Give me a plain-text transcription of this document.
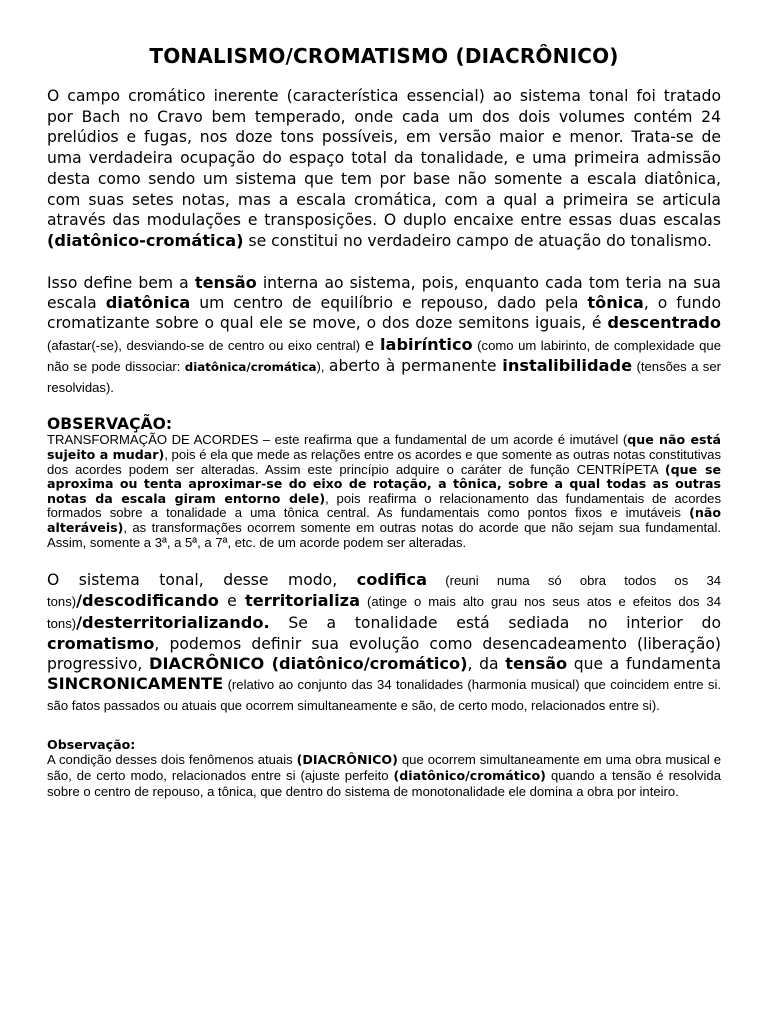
TONALISMO/CROMATISMO (DIACRÔNICO)

O campo cromático inerente (característica essencial) ao sistema tonal foi tratado por Bach no Cravo bem temperado, onde cada um dos dois volumes contém 24 prelúdios e fugas, nos doze tons possíveis, em versão maior e menor. Trata-se de uma verdadeira ocupação do espaço total da tonalidade, e uma primeira admissão desta como sendo um sistema que tem por base não somente a escala diatônica, com suas setes notas, mas a escala cromática, com a qual a primeira se articula através das modulações e transposições. O duplo encaixe entre essas duas escalas (diatônico-cromática) se constitui no verdadeiro campo de atuação do tonalismo.

Isso define bem a tensão interna ao sistema, pois, enquanto cada tom teria na sua escala diatônica um centro de equilíbrio e repouso, dado pela tônica, o fundo cromatizante sobre o qual ele se move, o dos doze semitons iguais, é descentrado (afastar(-se), desviando-se de centro ou eixo central) e labiríntico (como um labirinto, de complexidade que não se pode dissociar: diatônica/cromática), aberto à permanente instalibilidade (tensões a ser resolvidas).

OBSERVAÇÃO:

TRANSFORMAÇÃO DE ACORDES – este reafirma que a fundamental de um acorde é imutável (que não está sujeito a mudar), pois é ela que mede as relações entre os acordes e que somente as outras notas constitutivas dos acordes podem ser alteradas. Assim este princípio adquire o caráter de função CENTRÍPETA (que se aproxima ou tenta aproximar-se do eixo de rotação, a tônica, sobre a qual todas as outras notas da escala giram entorno dele), pois reafirma o relacionamento das fundamentais de acordes formados sobre a tonalidade a uma tônica central. As fundamentais como pontos fixos e imutáveis (não alteráveis), as transformações ocorrem somente em outras notas do acorde que não sejam sua fundamental. Assim, somente a 3ª, a 5ª, a 7ª, etc. de um acorde podem ser alteradas.

O sistema tonal, desse modo, codifica (reuni numa só obra todos os 34 tons)/descodificando e territorializa (atinge o mais alto grau nos seus atos e efeitos dos 34 tons)/desterritorializando. Se a tonalidade está sediada no interior do cromatismo, podemos definir sua evolução como desencadeamento (liberação) progressivo, DIACRÔNICO (diatônico/cromático), da tensão que a fundamenta SINCRONICAMENTE (relativo ao conjunto das 34 tonalidades (harmonia musical) que coincidem entre si. são fatos passados ou atuais que ocorrem simultaneamente e são, de certo modo, relacionados entre si).

Observação:

A condição desses dois fenômenos atuais (DIACRÔNICO) que ocorrem simultaneamente em uma obra musical e são, de certo modo, relacionados entre si (ajuste perfeito (diatônico/cromático) quando a tensão é resolvida sobre o centro de repouso, a tônica, que dentro do sistema de monotonalidade ele domina a obra por inteiro.
